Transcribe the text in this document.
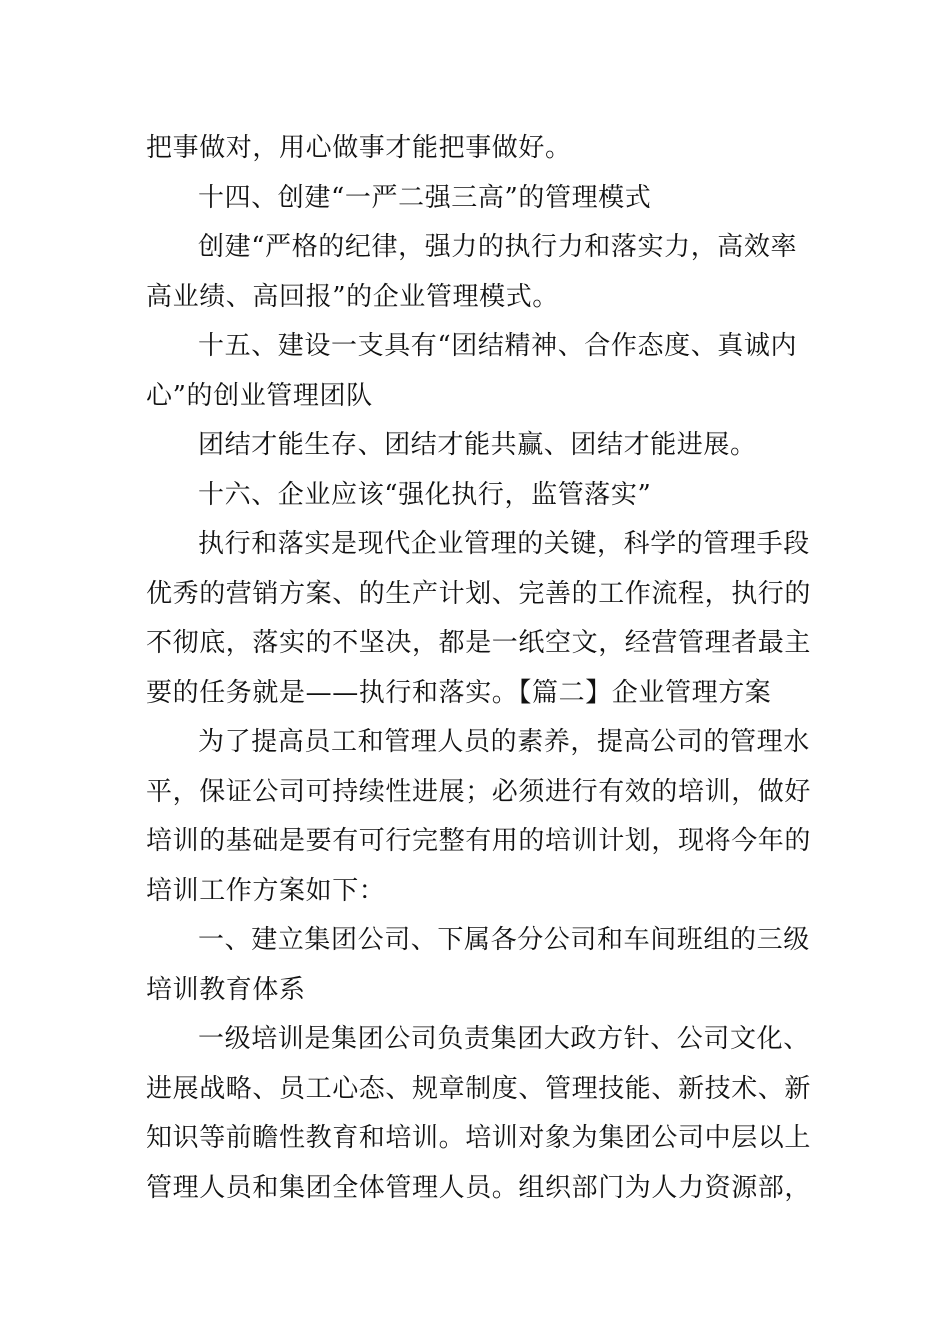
把事做对，用心做事才能把事做好。
十四、创建“一严二强三高”的管理模式
创建“严格的纪律，强力的执行力和落实力，高效率
高业绩、高回报”的企业管理模式。
十五、建设一支具有“团结精神、合作态度、真诚内
心”的创业管理团队
团结才能生存、团结才能共赢、团结才能进展。
十六、企业应该“强化执行，监管落实”
执行和落实是现代企业管理的关键，科学的管理手段
优秀的营销方案、的生产计划、完善的工作流程，执行的
不彻底，落实的不坚决，都是一纸空文，经营管理者最主
要的任务就是——执行和落实。【篇二】企业管理方案
为了提高员工和管理人员的素养，提高公司的管理水
平，保证公司可持续性进展；必须进行有效的培训，做好
培训的基础是要有可行完整有用的培训计划，现将今年的
培训工作方案如下：
一、建立集团公司、下属各分公司和车间班组的三级
培训教育体系
一级培训是集团公司负责集团大政方针、公司文化、
进展战略、员工心态、规章制度、管理技能、新技术、新
知识等前瞻性教育和培训。培训对象为集团公司中层以上
管理人员和集团全体管理人员。组织部门为人力资源部，
